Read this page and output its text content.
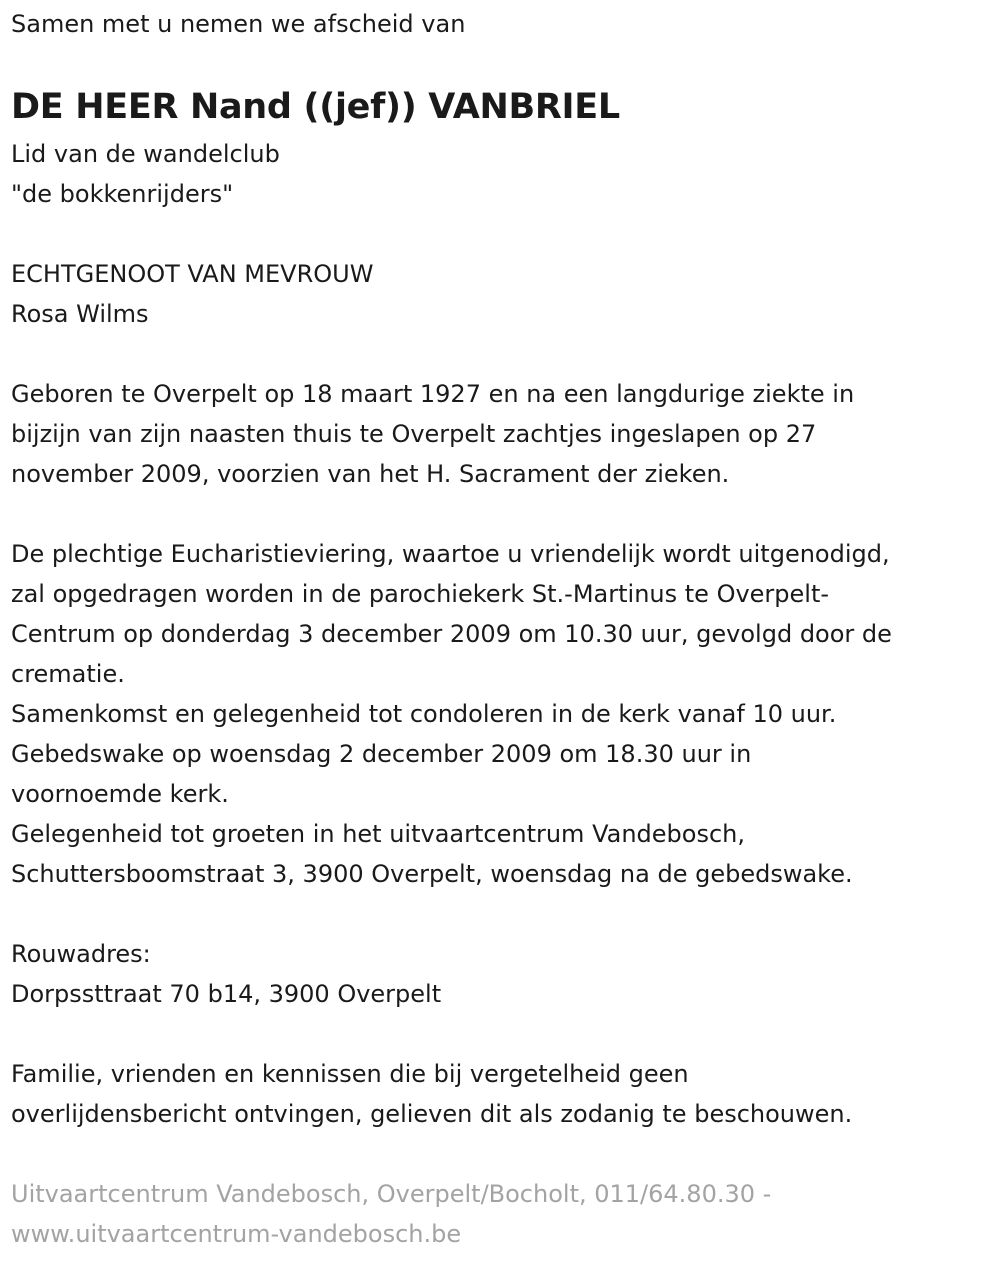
Samen met u nemen we afscheid van

DE HEER Nand ((jef)) VANBRIEL

Lid van de wandelclub

"de bokkenrijders"

ECHTGENOOT VAN MEVROUW

Rosa Wilms

Geboren te Overpelt op 18 maart 1927 en na een langdurige ziekte in

bijzijn van zijn naasten thuis te Overpelt zachtjes ingeslapen op 27

november 2009, voorzien van het H. Sacrament der zieken.

De plechtige Eucharistieviering, waartoe u vriendelijk wordt uitgenodigd,

zal opgedragen worden in de parochiekerk St.-Martinus te Overpelt-

Centrum op donderdag 3 december 2009 om 10.30 uur, gevolgd door de

crematie.

Samenkomst en gelegenheid tot condoleren in de kerk vanaf 10 uur.

Gebedswake op woensdag 2 december 2009 om 18.30 uur in

voornoemde kerk.

Gelegenheid tot groeten in het uitvaartcentrum Vandebosch,

Schuttersboomstraat 3, 3900 Overpelt, woensdag na de gebedswake.

Rouwadres:

Dorpssttraat 70 b14, 3900 Overpelt

Familie, vrienden en kennissen die bij vergetelheid geen

overlijdensbericht ontvingen, gelieven dit als zodanig te beschouwen.

Uitvaartcentrum Vandebosch, Overpelt/Bocholt, 011/64.80.30 -

www.uitvaartcentrum-vandebosch.be
